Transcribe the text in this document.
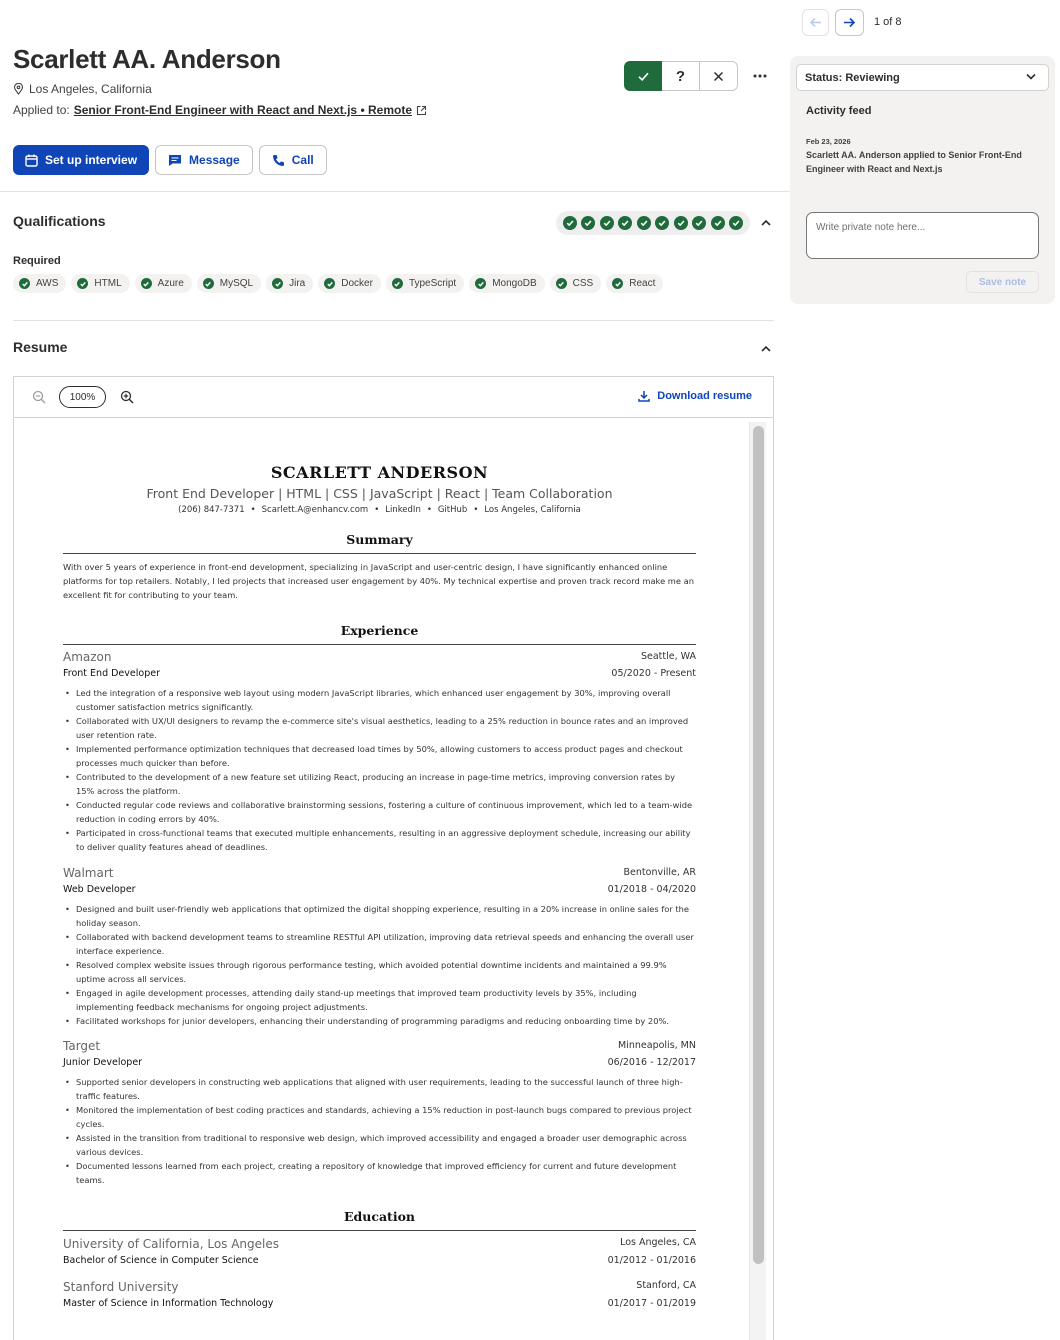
Scarlett AA. Anderson
Los Angeles, California
Applied to: Senior Front-End Engineer with React and Next.js • Remote
?
Set up interview	Message	Call
Qualifications
Required
AWS	HTML	Azure	MySQL	Jira	Docker	TypeScript	MongoDB	CSS	React
Resume
100%	Download resume
SCARLETT ANDERSON
Front End Developer | HTML | CSS | JavaScript | React | Team Collaboration
(206) 847-7371 • Scarlett.A@enhancv.com • LinkedIn • GitHub • Los Angeles, California
Summary
With over 5 years of experience in front-end development, specializing in JavaScript and user-centric design, I have significantly enhanced online platforms for top retailers. Notably, I led projects that increased user engagement by 40%. My technical expertise and proven track record make me an excellent fit for contributing to your team.
Experience
Amazon	Seattle, WA
Front End Developer	05/2020 - Present
• Led the integration of a responsive web layout using modern JavaScript libraries, which enhanced user engagement by 30%, improving overall customer satisfaction metrics significantly.
• Collaborated with UX/UI designers to revamp the e-commerce site's visual aesthetics, leading to a 25% reduction in bounce rates and an improved user retention rate.
• Implemented performance optimization techniques that decreased load times by 50%, allowing customers to access product pages and checkout processes much quicker than before.
• Contributed to the development of a new feature set utilizing React, producing an increase in page-time metrics, improving conversion rates by 15% across the platform.
• Conducted regular code reviews and collaborative brainstorming sessions, fostering a culture of continuous improvement, which led to a team-wide reduction in coding errors by 40%.
• Participated in cross-functional teams that executed multiple enhancements, resulting in an aggressive deployment schedule, increasing our ability to deliver quality features ahead of deadlines.
Walmart	Bentonville, AR
Web Developer	01/2018 - 04/2020
• Designed and built user-friendly web applications that optimized the digital shopping experience, resulting in a 20% increase in online sales for the holiday season.
• Collaborated with backend development teams to streamline RESTful API utilization, improving data retrieval speeds and enhancing the overall user interface experience.
• Resolved complex website issues through rigorous performance testing, which avoided potential downtime incidents and maintained a 99.9% uptime across all services.
• Engaged in agile development processes, attending daily stand-up meetings that improved team productivity levels by 35%, including implementing feedback mechanisms for ongoing project adjustments.
• Facilitated workshops for junior developers, enhancing their understanding of programming paradigms and reducing onboarding time by 20%.
Target	Minneapolis, MN
Junior Developer	06/2016 - 12/2017
• Supported senior developers in constructing web applications that aligned with user requirements, leading to the successful launch of three high-traffic features.
• Monitored the implementation of best coding practices and standards, achieving a 15% reduction in post-launch bugs compared to previous project cycles.
• Assisted in the transition from traditional to responsive web design, which improved accessibility and engaged a broader user demographic across various devices.
• Documented lessons learned from each project, creating a repository of knowledge that improved efficiency for current and future development teams.
Education
University of California, Los Angeles	Los Angeles, CA
Bachelor of Science in Computer Science	01/2012 - 01/2016
Stanford University	Stanford, CA
Master of Science in Information Technology	01/2017 - 01/2019
1 of 8
Status: Reviewing
Activity feed
Feb 23, 2026
Scarlett AA. Anderson applied to Senior Front-End Engineer with React and Next.js
Write private note here...
Save note
